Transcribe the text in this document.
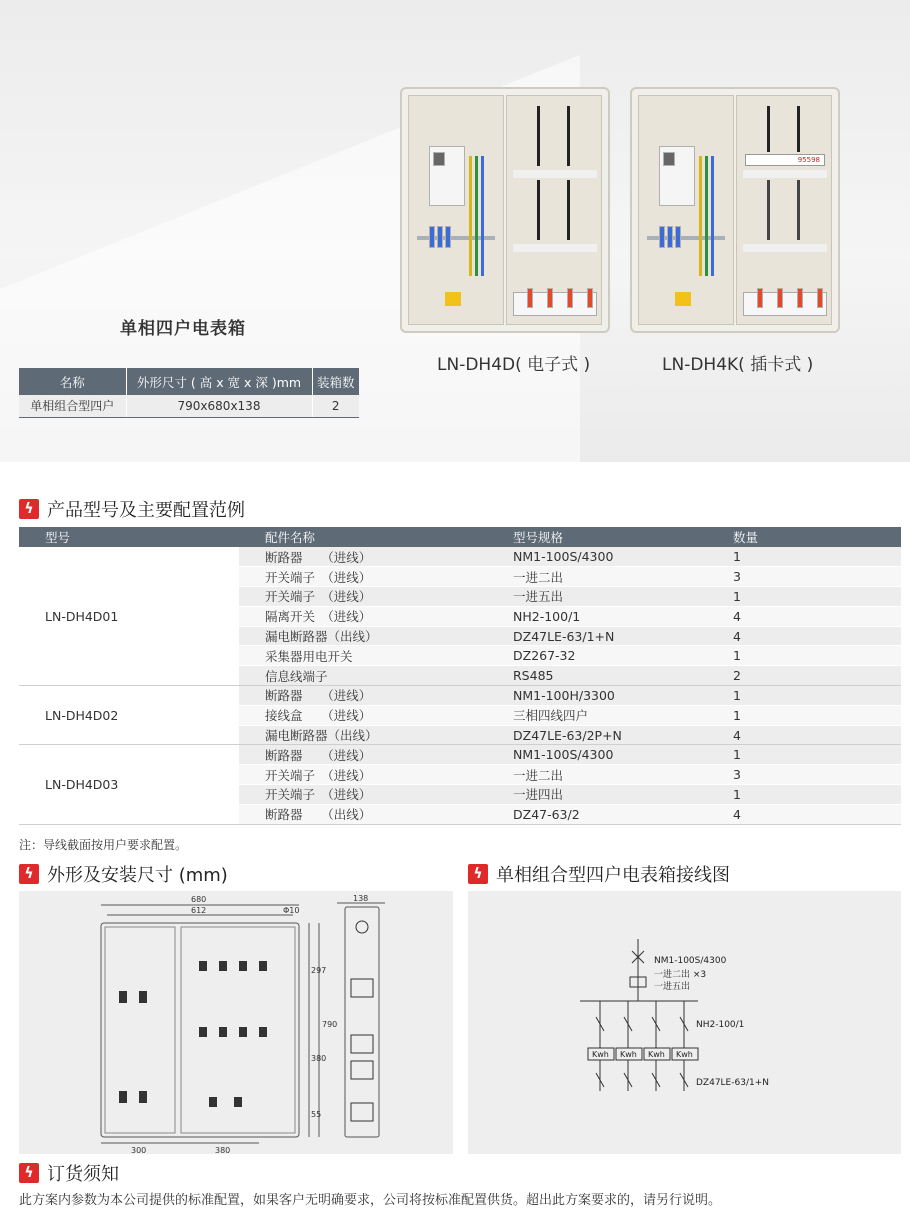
单相四户电表箱
名称	外形尺寸 ( 高 x 宽 x 深 )mm	装箱数
单相组合型四户	790x680x138	2
LN-DH4D( 电子式 )
95598
LN-DH4K( 插卡式 )
ϟ 产品型号及主要配置范例
型号	配件名称	型号规格	数量
LN-DH4D01	断路器　　（进线）	NM1-100S/4300	1
	开关端子　（进线）	一进二出	3
	开关端子　（进线）	一进五出	1
	隔离开关　（进线）	NH2-100/1	4
	漏电断路器（出线）	DZ47LE-63/1+N	4
	采集器用电开关	DZ267-32	1
	信息线端子	RS485	2
LN-DH4D02	断路器　　（进线）	NM1-100H/3300	1
	接线盒　　（进线）	三相四线四户	1
	漏电断路器（出线）	DZ47LE-63/2P+N	4
LN-DH4D03	断路器　　（进线）	NM1-100S/4300	1
	开关端子　（进线）	一进二出	3
	开关端子　（进线）	一进四出	1
	断路器　　（出线）	DZ47-63/2	4
注：导线截面按用户要求配置。
ϟ 外形及安装尺寸 (mm)
680
612	Φ10
138
297
790
380
55
300	380
ϟ 单相组合型四户电表箱接线图
NM1-100S/4300
一进二出 ×3
一进五出
NH2-100/1
Kwh Kwh Kwh Kwh
DZ47LE-63/1+N
ϟ 订货须知
此方案内参数为本公司提供的标准配置，如果客户无明确要求，公司将按标准配置供货。超出此方案要求的，请另行说明。
